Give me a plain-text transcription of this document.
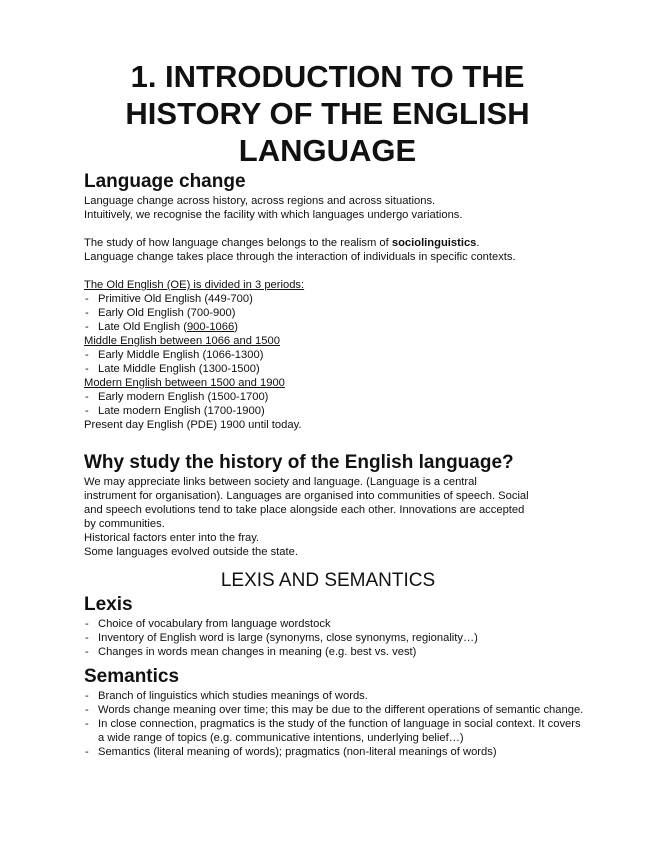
1. INTRODUCTION TO THE
HISTORY OF THE ENGLISH
LANGUAGE
Language change

Language change across history, across regions and across situations.

Intuitively, we recognise the facility with which languages undergo variations.

The study of how language changes belongs to the realism of sociolinguistics.

Language change takes place through the interaction of individuals in specific contexts.

The Old English (OE) is divided in 3 periods:

- Primitive Old English (449-700)
- Early Old English (700-900)
- Late Old English (900-1066)

Middle English between 1066 and 1500

- Early Middle English (1066-1300)
- Late Middle English (1300-1500)

Modern English between 1500 and 1900

- Early modern English (1500-1700)
- Late modern English (1700-1900)

Present day English (PDE) 1900 until today.

Why study the history of the English language?

We may appreciate links between society and language. (Language is a central

instrument for organisation). Languages are organised into communities of speech. Social

and speech evolutions tend to take place alongside each other. Innovations are accepted

by communities.

Historical factors enter into the fray.

Some languages evolved outside the state.

LEXIS AND SEMANTICS
Lexis
- Choice of vocabulary from language wordstock
- Inventory of English word is large (synonyms, close synonyms, regionality…)
- Changes in words mean changes in meaning (e.g. best vs. vest)
Semantics
- Branch of linguistics which studies meanings of words.
- Words change meaning over time; this may be due to the different operations of semantic change.
- In close connection, pragmatics is the study of the function of language in social context. It covers a wide range of topics (e.g. communicative intentions, underlying belief…)
- Semantics (literal meaning of words); pragmatics (non-literal meanings of words)
